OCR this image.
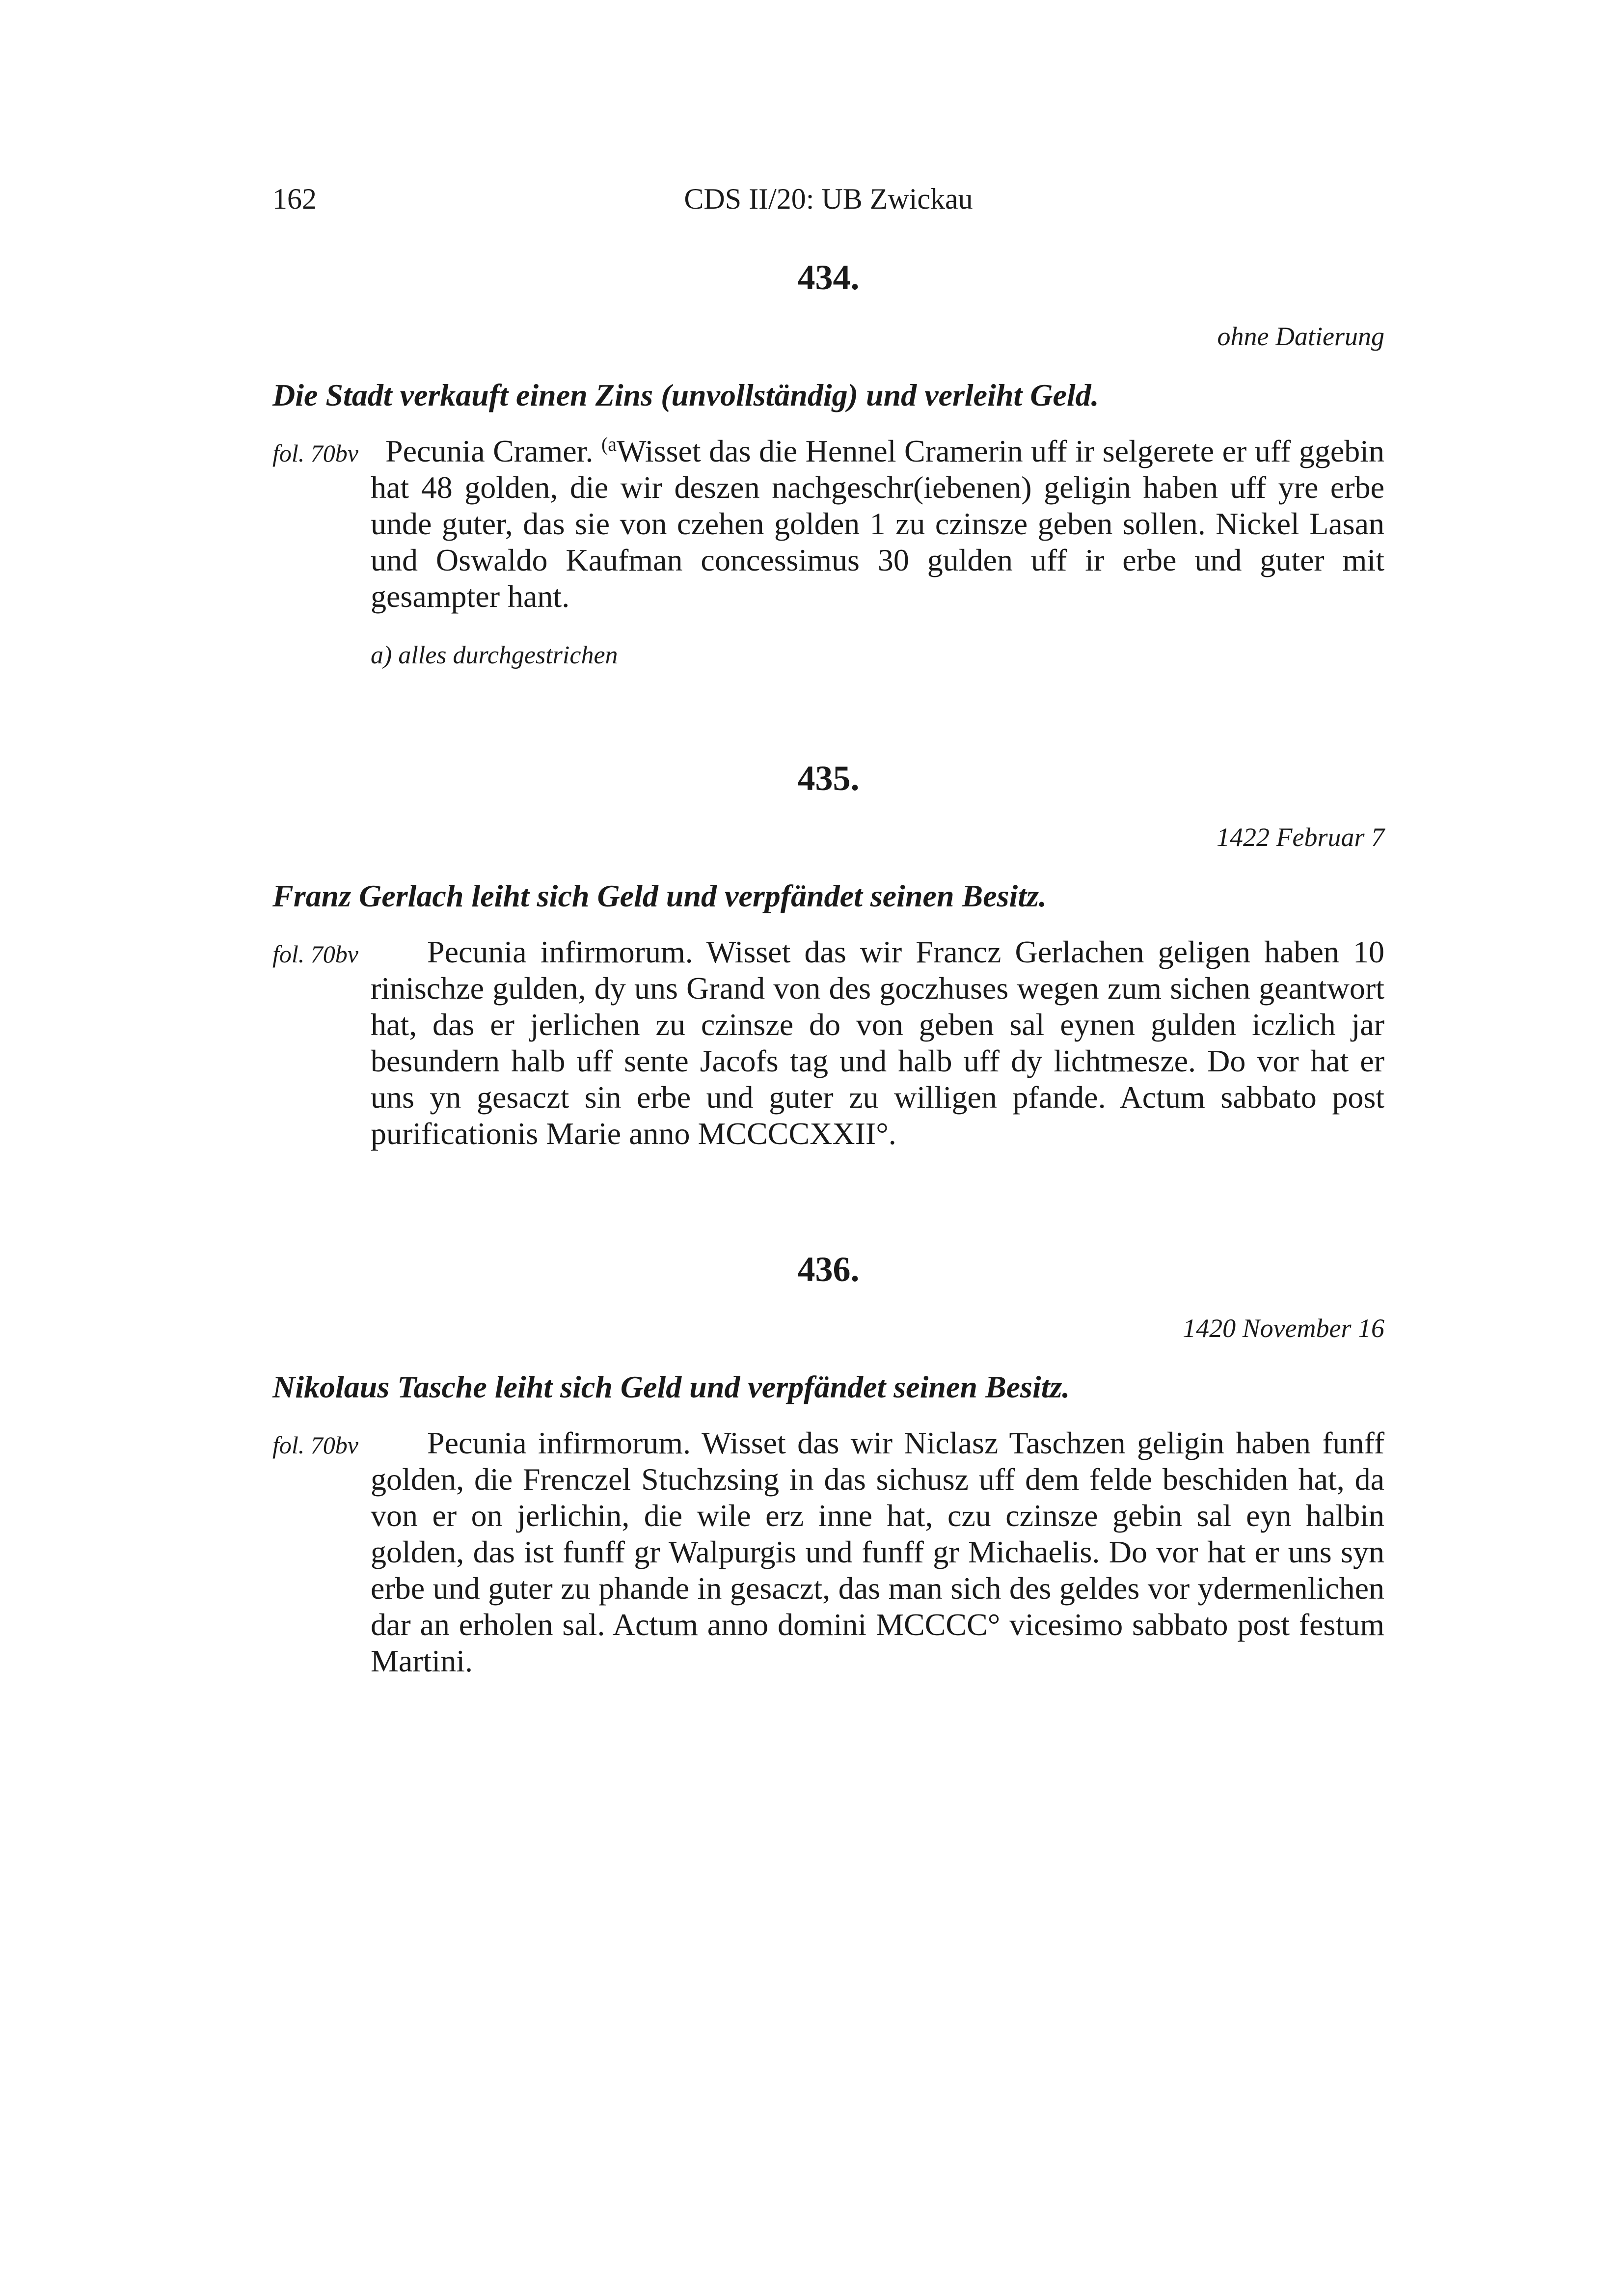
162	CDS II/20: UB Zwickau
434.
ohne Datierung
Die Stadt verkauft einen Zins (unvollständig) und verleiht Geld.
fol. 70bv Pecunia Cramer. $^{(a}$Wisset das die Hennel Cramerin uff ir selgerete er uff ggebin hat 48 golden, die wir deszen nachgeschr(iebenen) geligin haben uff yre erbe unde guter, das sie von czehen golden 1 zu czinsze geben sollen. Nickel Lasan und Oswaldo Kaufman concessimus 30 gulden uff ir erbe und guter mit gesampter hant.
a) alles durchgestrichen
435.
1422 Februar 7
Franz Gerlach leiht sich Geld und verpfändet seinen Besitz.
fol. 70bv	Pecunia infirmorum. Wisset das wir Francz Gerlachen geligen haben 10 rinischze gulden, dy uns Grand von des goczhuses wegen zum sichen geantwort hat, das er jerlichen zu czinsze do von geben sal eynen gulden iczlich jar besundern halb uff sente Jacofs tag und halb uff dy lichtmesze. Do vor hat er uns yn gesaczt sin erbe und guter zu willigen pfande. Actum sabbato post purificationis Marie anno MCCCCXXII°.
436.
1420 November 16
Nikolaus Tasche leiht sich Geld und verpfändet seinen Besitz.
fol. 70bv	Pecunia infirmorum. Wisset das wir Niclasz Taschzen geligin haben funff golden, die Frenczel Stuchzsing in das sichusz uff dem felde beschiden hat, da von er on jerlichin, die wile erz inne hat, czu czinsze gebin sal eyn halbin golden, das ist funff gr Walpurgis und funff gr Michaelis. Do vor hat er uns syn erbe und guter zu phande in gesaczt, das man sich des geldes vor ydermenlichen dar an erholen sal. Actum anno domini MCCCC° vicesimo sabbato post festum Martini.
